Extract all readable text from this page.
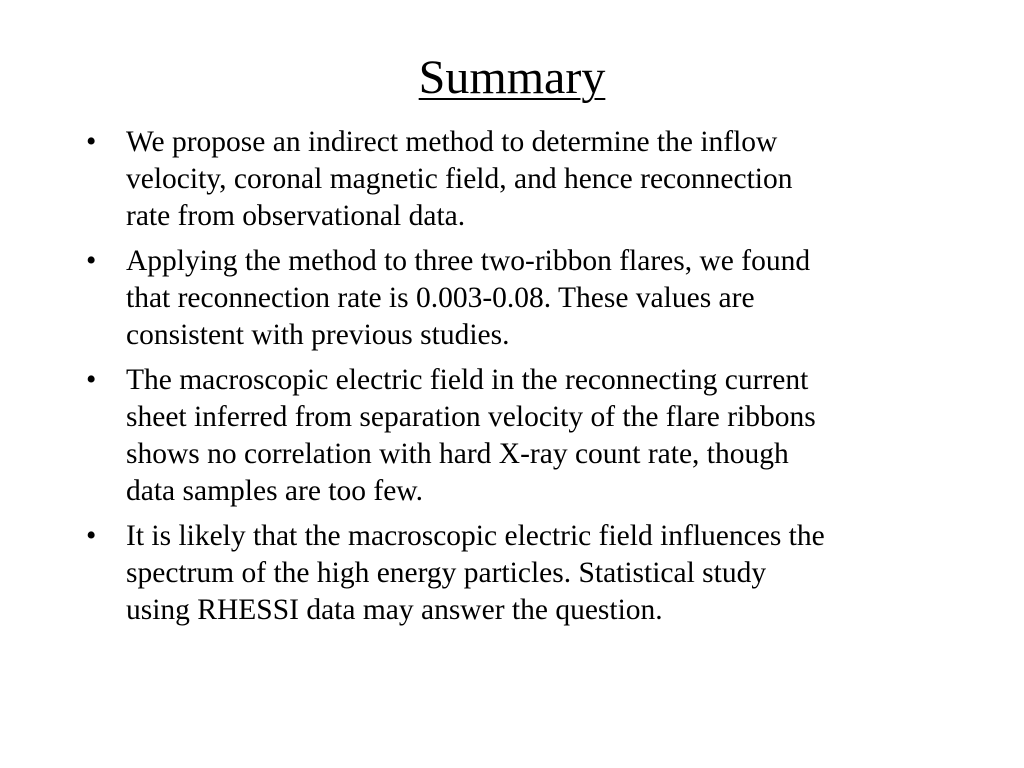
Summary
•	We propose an indirect method to determine the inflow
velocity, coronal magnetic field, and hence reconnection
rate from observational data.
•	Applying the method to three two-ribbon flares, we found
that reconnection rate is 0.003-0.08. These values are
consistent with previous studies.
•	The macroscopic electric field in the reconnecting current
sheet inferred from separation velocity of the flare ribbons
shows no correlation with hard X-ray count rate, though
data samples are too few.
•	It is likely that the macroscopic electric field influences the
spectrum of the high energy particles. Statistical study
using RHESSI data may answer the question.
